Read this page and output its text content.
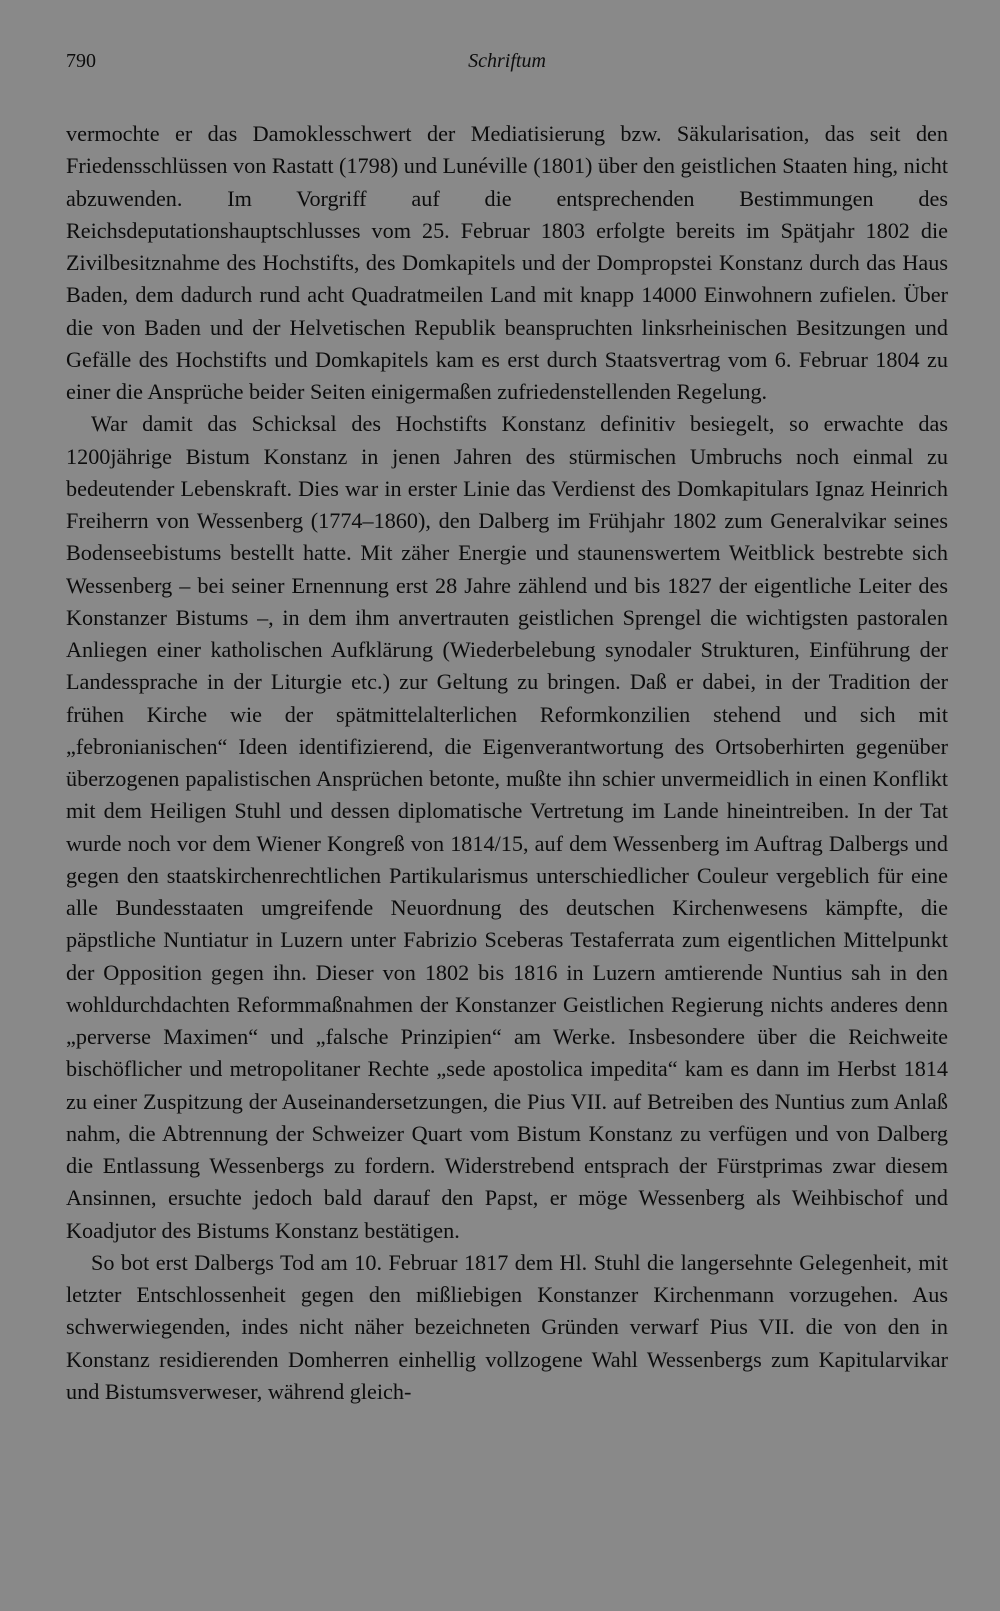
790	Schriftum

vermochte er das Damoklesschwert der Mediatisierung bzw. Säkularisation, das seit den Friedensschlüssen von Rastatt (1798) und Lunéville (1801) über den geistlichen Staaten hing, nicht abzuwenden. Im Vorgriff auf die entsprechenden Bestimmungen des Reichsdeputationshauptschlusses vom 25. Februar 1803 erfolgte bereits im Spätjahr 1802 die Zivilbesitznahme des Hochstifts, des Domkapitels und der Dompropstei Konstanz durch das Haus Baden, dem dadurch rund acht Quadratmeilen Land mit knapp 14000 Einwohnern zufielen. Über die von Baden und der Helvetischen Republik beanspruchten linksrheinischen Besitzungen und Gefälle des Hochstifts und Domkapitels kam es erst durch Staatsvertrag vom 6. Februar 1804 zu einer die Ansprüche beider Seiten einigermaßen zufriedenstellenden Regelung.

War damit das Schicksal des Hochstifts Konstanz definitiv besiegelt, so erwachte das 1200jährige Bistum Konstanz in jenen Jahren des stürmischen Umbruchs noch einmal zu bedeutender Lebenskraft. Dies war in erster Linie das Verdienst des Domkapitulars Ignaz Heinrich Freiherrn von Wessenberg (1774–1860), den Dalberg im Frühjahr 1802 zum Generalvikar seines Bodenseebistums bestellt hatte. Mit zäher Energie und staunenswertem Weitblick bestrebte sich Wessenberg – bei seiner Ernennung erst 28 Jahre zählend und bis 1827 der eigentliche Leiter des Konstanzer Bistums –, in dem ihm anvertrauten geistlichen Sprengel die wichtigsten pastoralen Anliegen einer katholischen Aufklärung (Wiederbelebung synodaler Strukturen, Einführung der Landessprache in der Liturgie etc.) zur Geltung zu bringen. Daß er dabei, in der Tradition der frühen Kirche wie der spätmittelalterlichen Reformkonzilien stehend und sich mit „febronianischen“ Ideen identifizierend, die Eigenverantwortung des Ortsoberhirten gegenüber überzogenen papalistischen Ansprüchen betonte, mußte ihn schier unvermeidlich in einen Konflikt mit dem Heiligen Stuhl und dessen diplomatische Vertretung im Lande hineintreiben. In der Tat wurde noch vor dem Wiener Kongreß von 1814/15, auf dem Wessenberg im Auftrag Dalbergs und gegen den staatskirchenrechtlichen Partikularismus unterschiedlicher Couleur vergeblich für eine alle Bundesstaaten umgreifende Neuordnung des deutschen Kirchenwesens kämpfte, die päpstliche Nuntiatur in Luzern unter Fabrizio Sceberas Testaferrata zum eigentlichen Mittelpunkt der Opposition gegen ihn. Dieser von 1802 bis 1816 in Luzern amtierende Nuntius sah in den wohldurchdachten Reformmaßnahmen der Konstanzer Geistlichen Regierung nichts anderes denn „perverse Maximen“ und „falsche Prinzipien“ am Werke. Insbesondere über die Reichweite bischöflicher und metropolitaner Rechte „sede apostolica impedita“ kam es dann im Herbst 1814 zu einer Zuspitzung der Auseinandersetzungen, die Pius VII. auf Betreiben des Nuntius zum Anlaß nahm, die Abtrennung der Schweizer Quart vom Bistum Konstanz zu verfügen und von Dalberg die Entlassung Wessenbergs zu fordern. Widerstrebend entsprach der Fürstprimas zwar diesem Ansinnen, ersuchte jedoch bald darauf den Papst, er möge Wessenberg als Weihbischof und Koadjutor des Bistums Konstanz bestätigen.

So bot erst Dalbergs Tod am 10. Februar 1817 dem Hl. Stuhl die langersehnte Gelegenheit, mit letzter Entschlossenheit gegen den mißliebigen Konstanzer Kirchenmann vorzugehen. Aus schwerwiegenden, indes nicht näher bezeichneten Gründen verwarf Pius VII. die von den in Konstanz residierenden Domherren einhellig vollzogene Wahl Wessenbergs zum Kapitularvikar und Bistumsverweser, während gleich-
